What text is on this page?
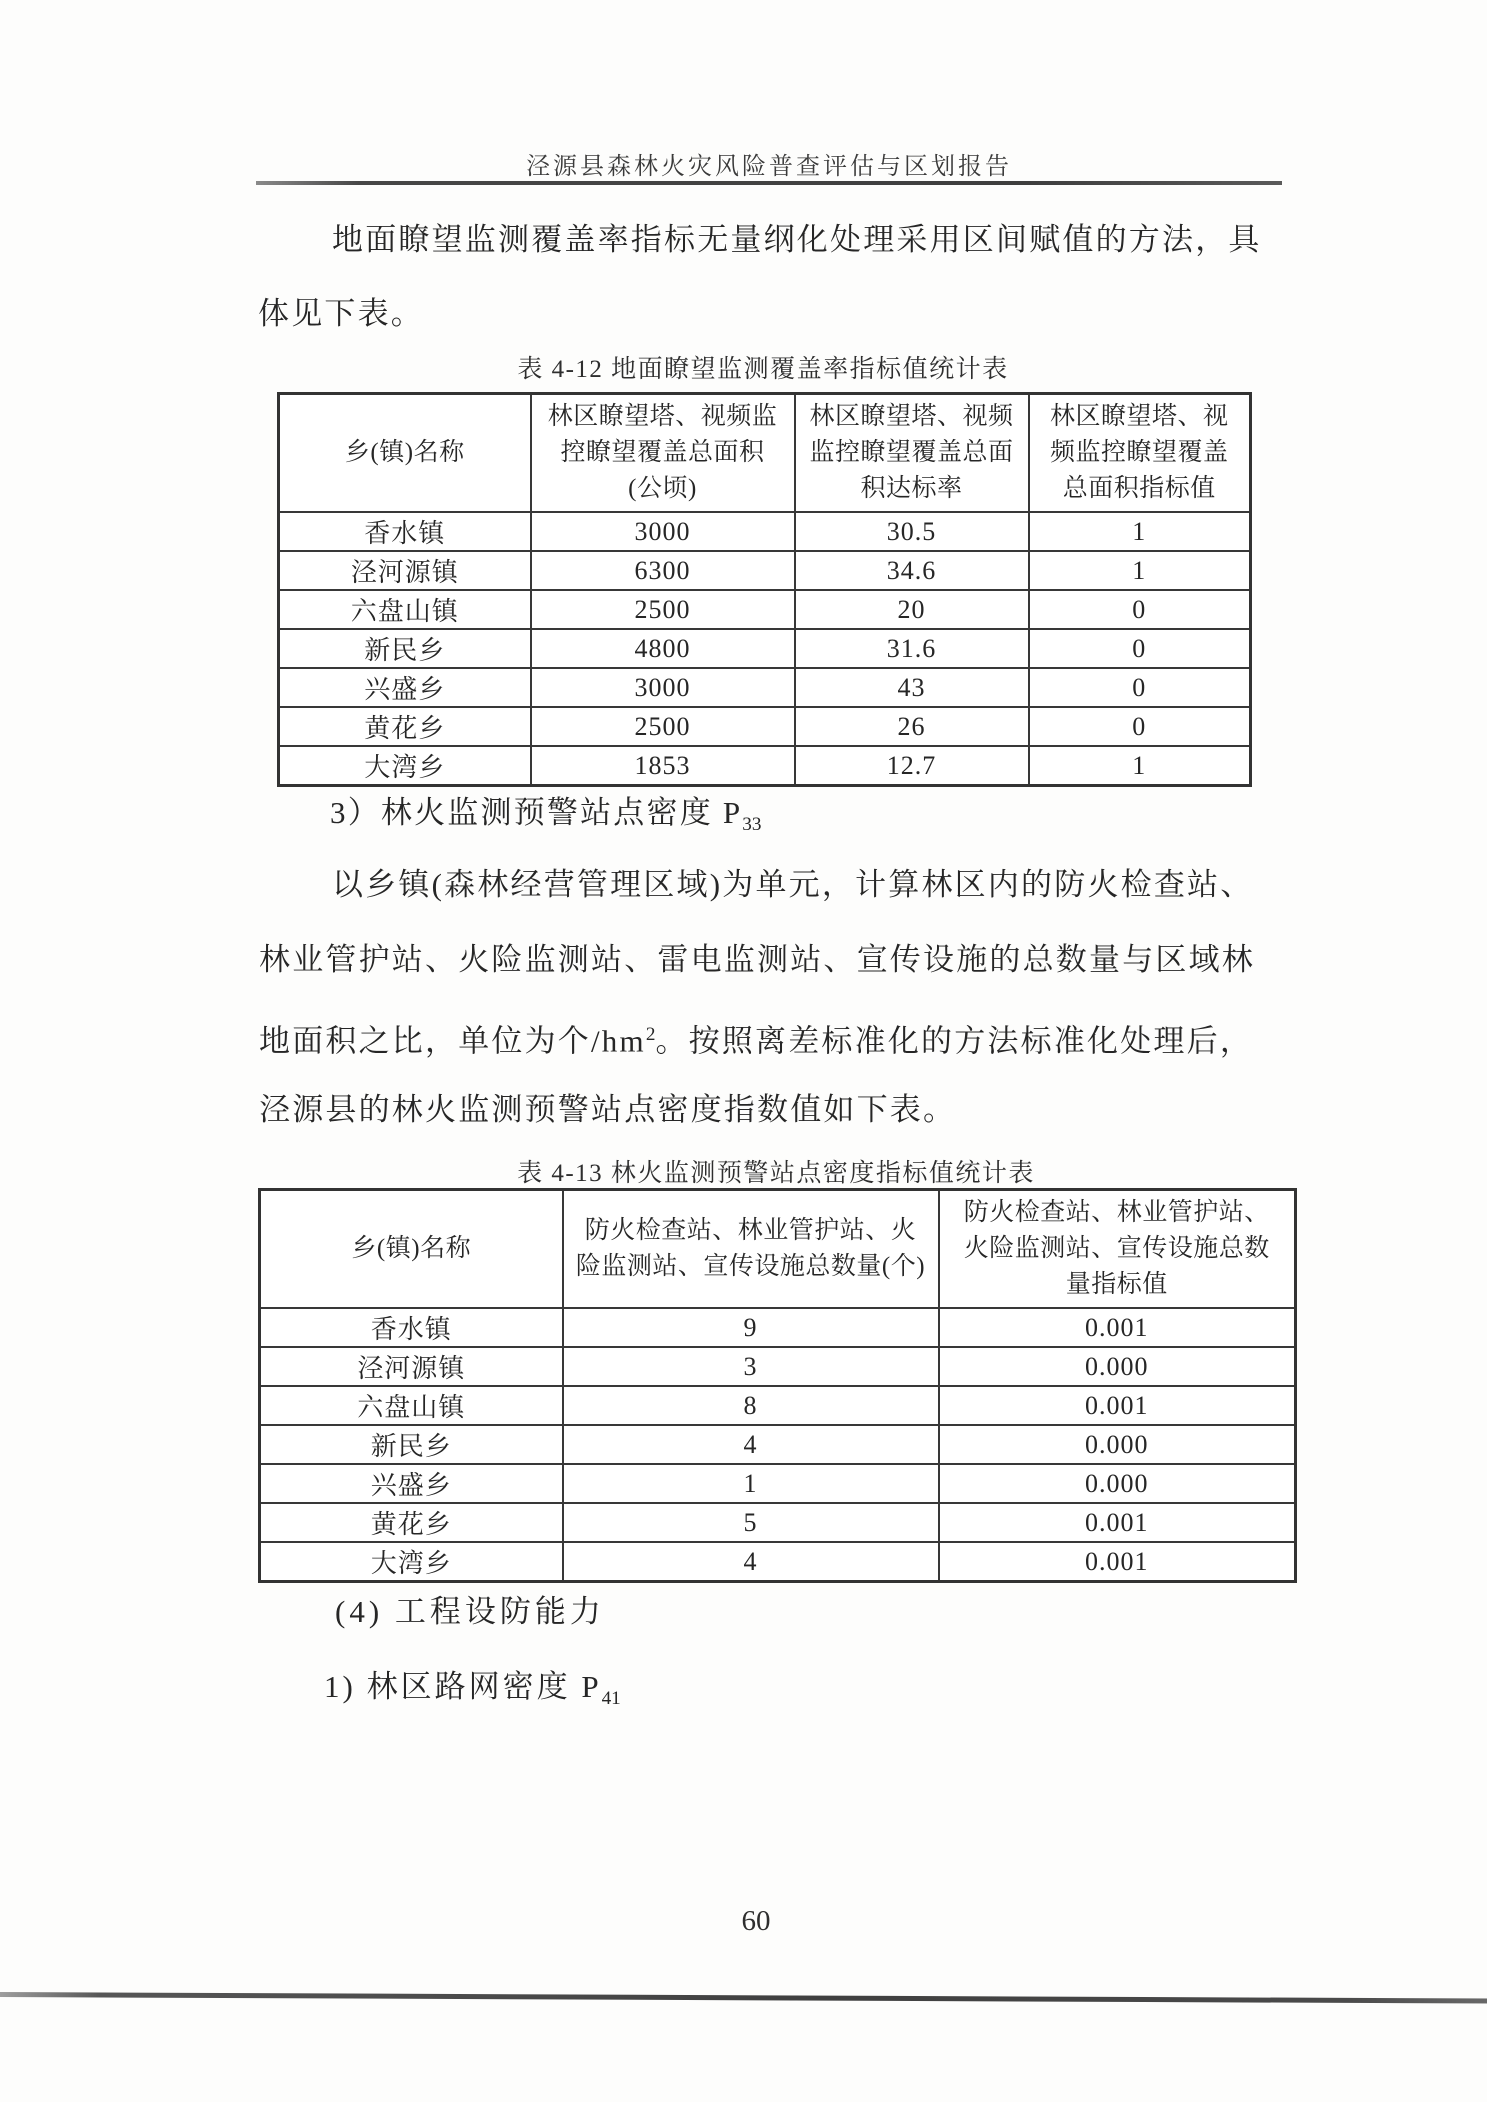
泾源县森林火灾风险普查评估与区划报告
地面瞭望监测覆盖率指标无量纲化处理采用区间赋值的方法，具
体见下表。
表 4-12 地面瞭望监测覆盖率指标值统计表
乡(镇)名称	林区瞭望塔、视频监控瞭望覆盖总面积(公顷)	林区瞭望塔、视频监控瞭望覆盖总面积达标率	林区瞭望塔、视频监控瞭望覆盖总面积指标值
香水镇	3000	30.5	1
泾河源镇	6300	34.6	1
六盘山镇	2500	20	0
新民乡	4800	31.6	0
兴盛乡	3000	43	0
黄花乡	2500	26	0
大湾乡	1853	12.7	1
3）林火监测预警站点密度 $P_{33}$
以乡镇(森林经营管理区域)为单元，计算林区内的防火检查站、
林业管护站、火险监测站、雷电监测站、宣传设施的总数量与区域林
地面积之比，单位为个$/hm^2$。按照离差标准化的方法标准化处理后，
泾源县的林火监测预警站点密度指数值如下表。
表 4-13 林火监测预警站点密度指标值统计表
乡(镇)名称	防火检查站、林业管护站、火险监测站、宣传设施总数量(个)	防火检查站、林业管护站、火险监测站、宣传设施总数量指标值
香水镇	9	0.001
泾河源镇	3	0.000
六盘山镇	8	0.001
新民乡	4	0.000
兴盛乡	1	0.000
黄花乡	5	0.001
大湾乡	4	0.001
(4) 工程设防能力
1) 林区路网密度 $P_{41}$
60
